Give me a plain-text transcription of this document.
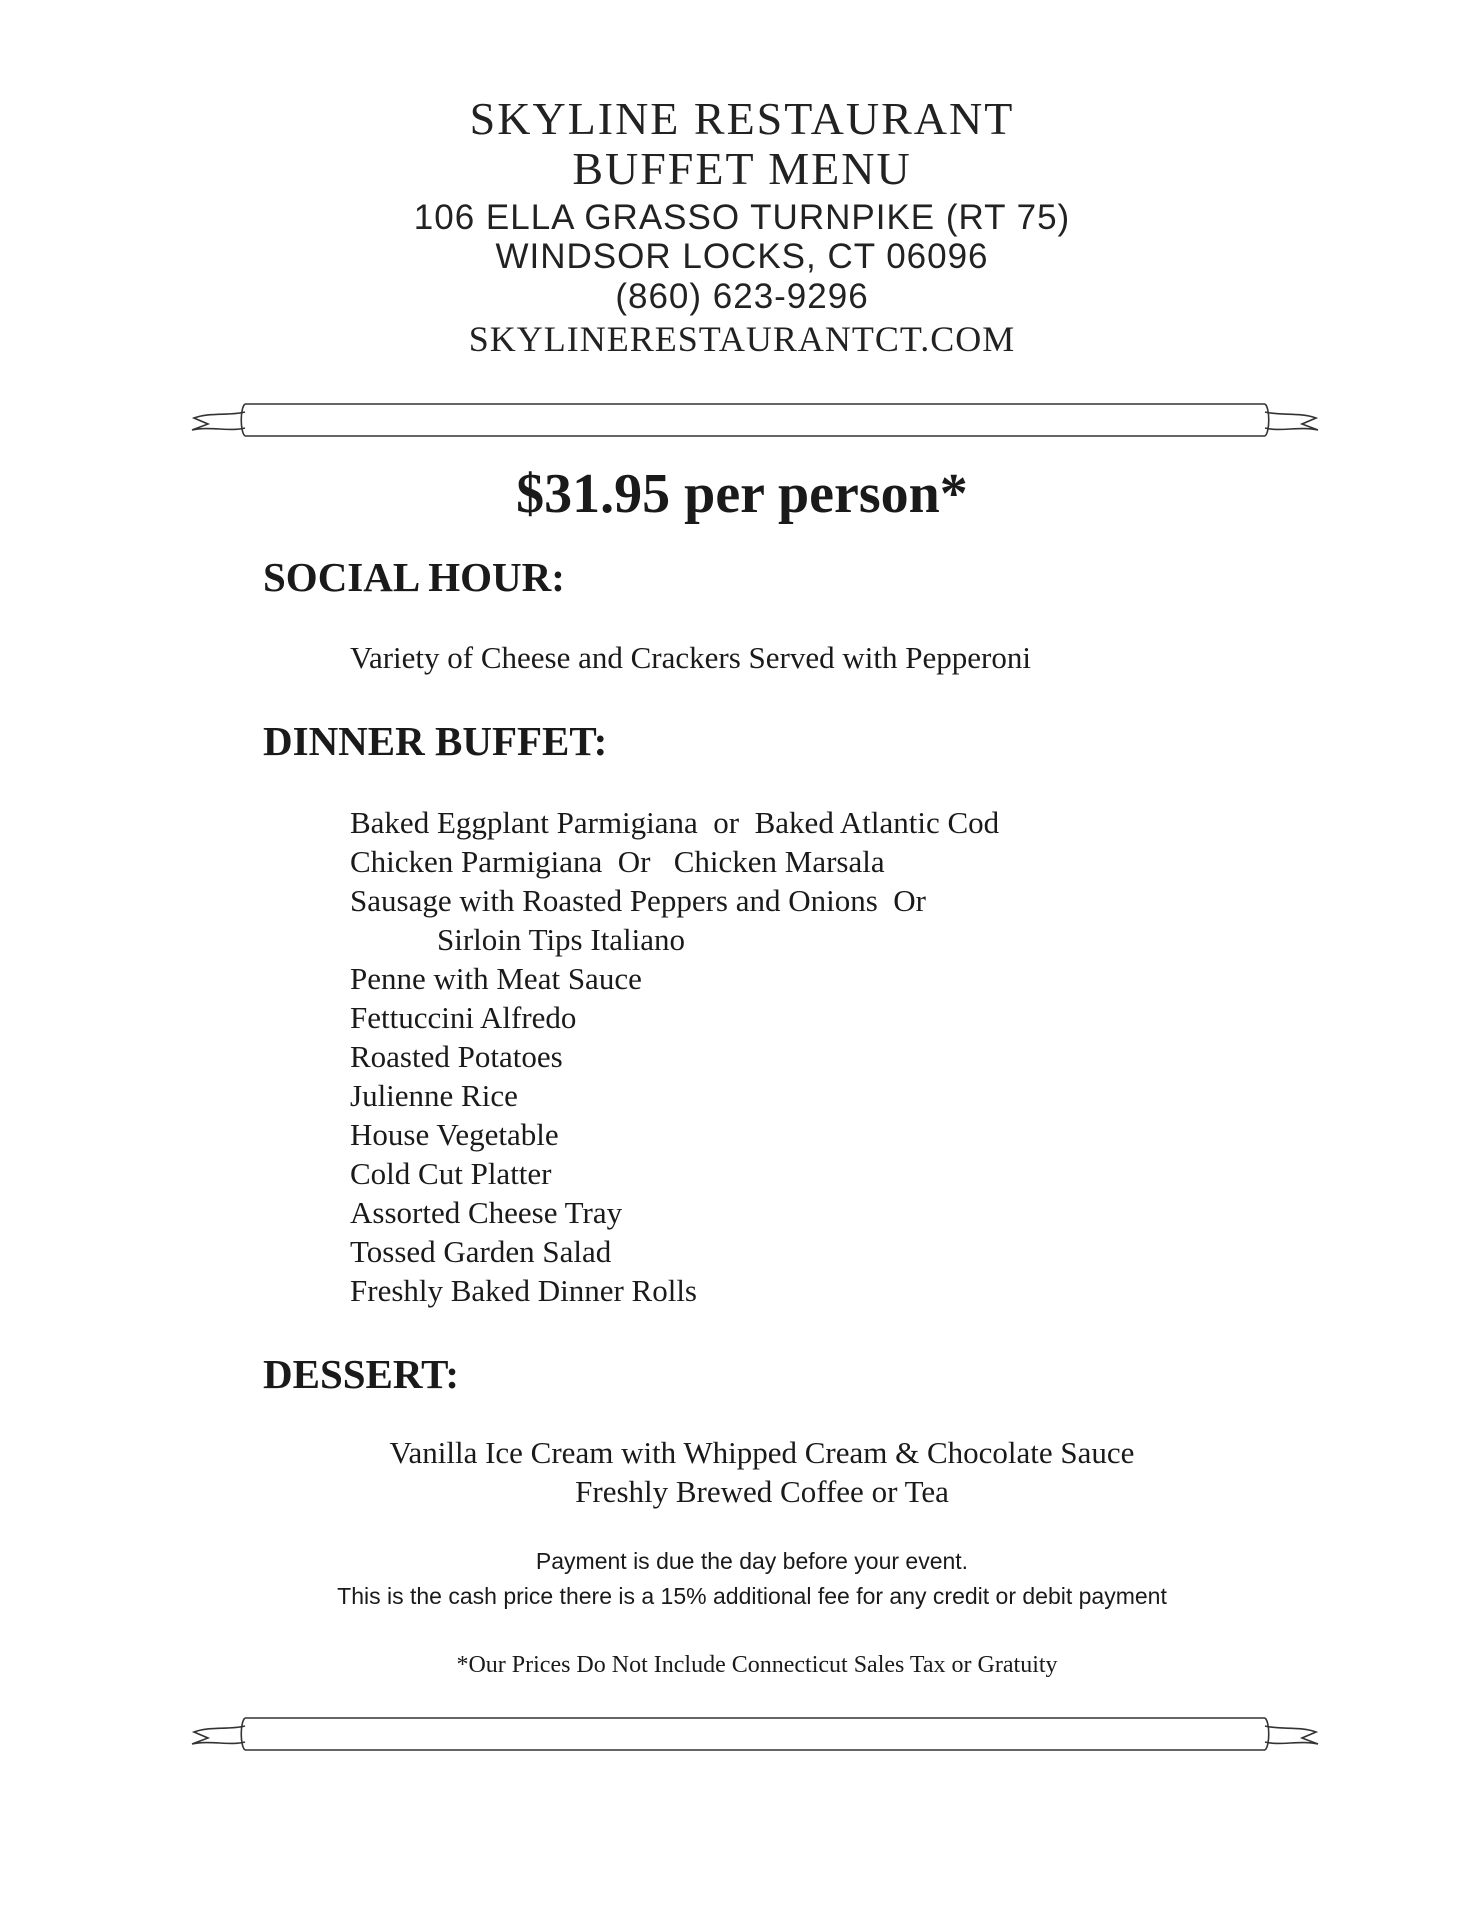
SKYLINE RESTAURANT
BUFFET MENU
106 ELLA GRASSO TURNPIKE (RT 75)
WINDSOR LOCKS, CT 06096
(860) 623-9296
SKYLINERESTAURANTCT.COM
$31.95 per person*
SOCIAL HOUR:
Variety of Cheese and Crackers Served with Pepperoni
DINNER BUFFET:
Baked Eggplant Parmigiana  or  Baked Atlantic Cod
Chicken Parmigiana  Or   Chicken Marsala
Sausage with Roasted Peppers and Onions  Or
Sirloin Tips Italiano
Penne with Meat Sauce
Fettuccini Alfredo
Roasted Potatoes
Julienne Rice
House Vegetable
Cold Cut Platter
Assorted Cheese Tray
Tossed Garden Salad
Freshly Baked Dinner Rolls
DESSERT:
Vanilla Ice Cream with Whipped Cream & Chocolate Sauce
Freshly Brewed Coffee or Tea
Payment is due the day before your event.
This is the cash price there is a 15% additional fee for any credit or debit payment
*Our Prices Do Not Include Connecticut Sales Tax or Gratuity
